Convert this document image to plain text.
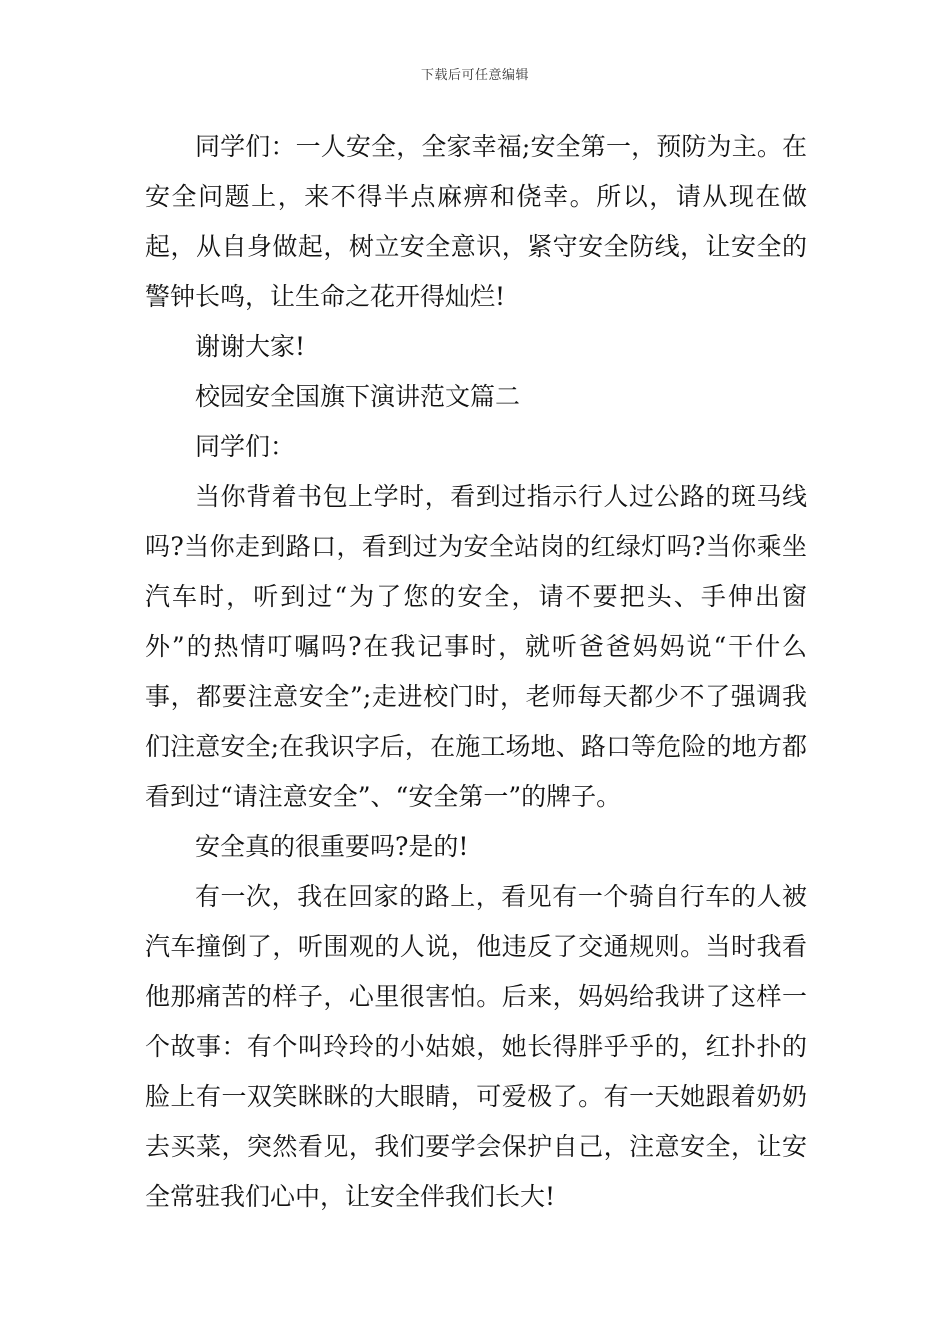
下载后可任意编辑

同学们：一人安全，全家幸福;安全第一，预防为主。在安全问题上，来不得半点麻痹和侥幸。所以，请从现在做起，从自身做起，树立安全意识，紧守安全防线，让安全的警钟长鸣，让生命之花开得灿烂!

谢谢大家!

校园安全国旗下演讲范文篇二

同学们：

当你背着书包上学时，看到过指示行人过公路的斑马线吗?当你走到路口，看到过为安全站岗的红绿灯吗?当你乘坐汽车时，听到过“为了您的安全，请不要把头、手伸出窗外”的热情叮嘱吗?在我记事时，就听爸爸妈妈说“干什么事，都要注意安全”;走进校门时，老师每天都少不了强调我们注意安全;在我识字后，在施工场地、路口等危险的地方都看到过“请注意安全”、“安全第一”的牌子。

安全真的很重要吗?是的!

有一次，我在回家的路上，看见有一个骑自行车的人被汽车撞倒了，听围观的人说，他违反了交通规则。当时我看他那痛苦的样子，心里很害怕。后来，妈妈给我讲了这样一个故事：有个叫玲玲的小姑娘，她长得胖乎乎的，红扑扑的脸上有一双笑眯眯的大眼睛，可爱极了。有一天她跟着奶奶去买菜，突然看见，我们要学会保护自己，注意安全，让安全常驻我们心中，让安全伴我们长大!
